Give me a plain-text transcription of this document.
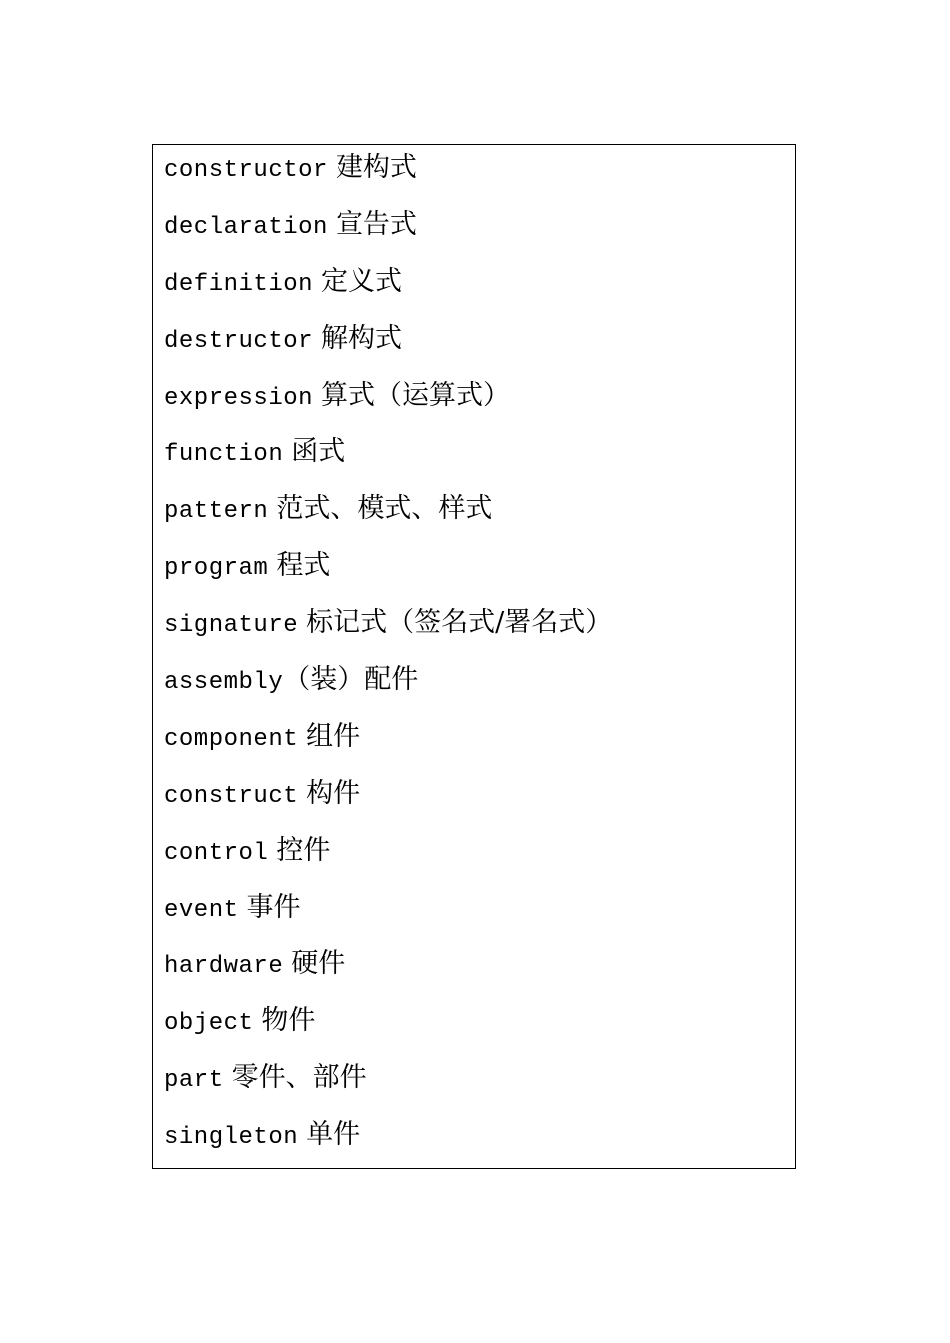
constructor 建构式
declaration 宣告式
definition 定义式
destructor 解构式
expression 算式（运算式）
function 函式
pattern 范式、模式、样式
program 程式
signature 标记式（签名式/署名式）
assembly（装）配件
component 组件
construct 构件
control 控件
event 事件
hardware 硬件
object 物件
part 零件、部件
singleton 单件
